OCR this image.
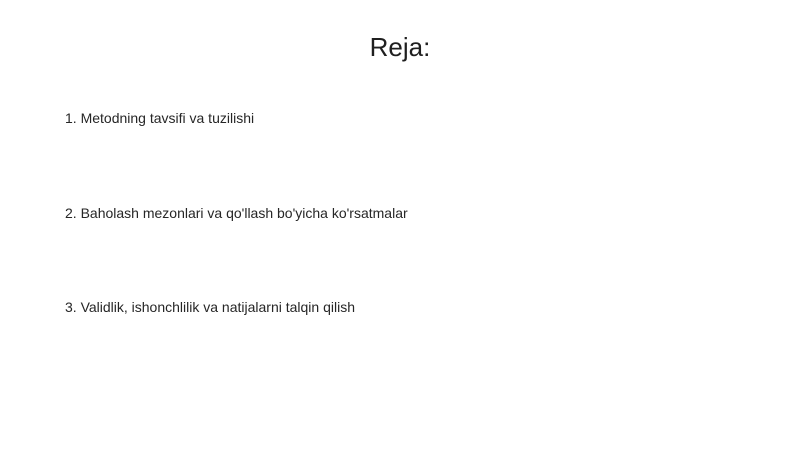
Reja:
1. Metodning tavsifi va tuzilishi
2. Baholash mezonlari va qo'llash bo'yicha ko'rsatmalar
3. Validlik, ishonchlilik va natijalarni talqin qilish
